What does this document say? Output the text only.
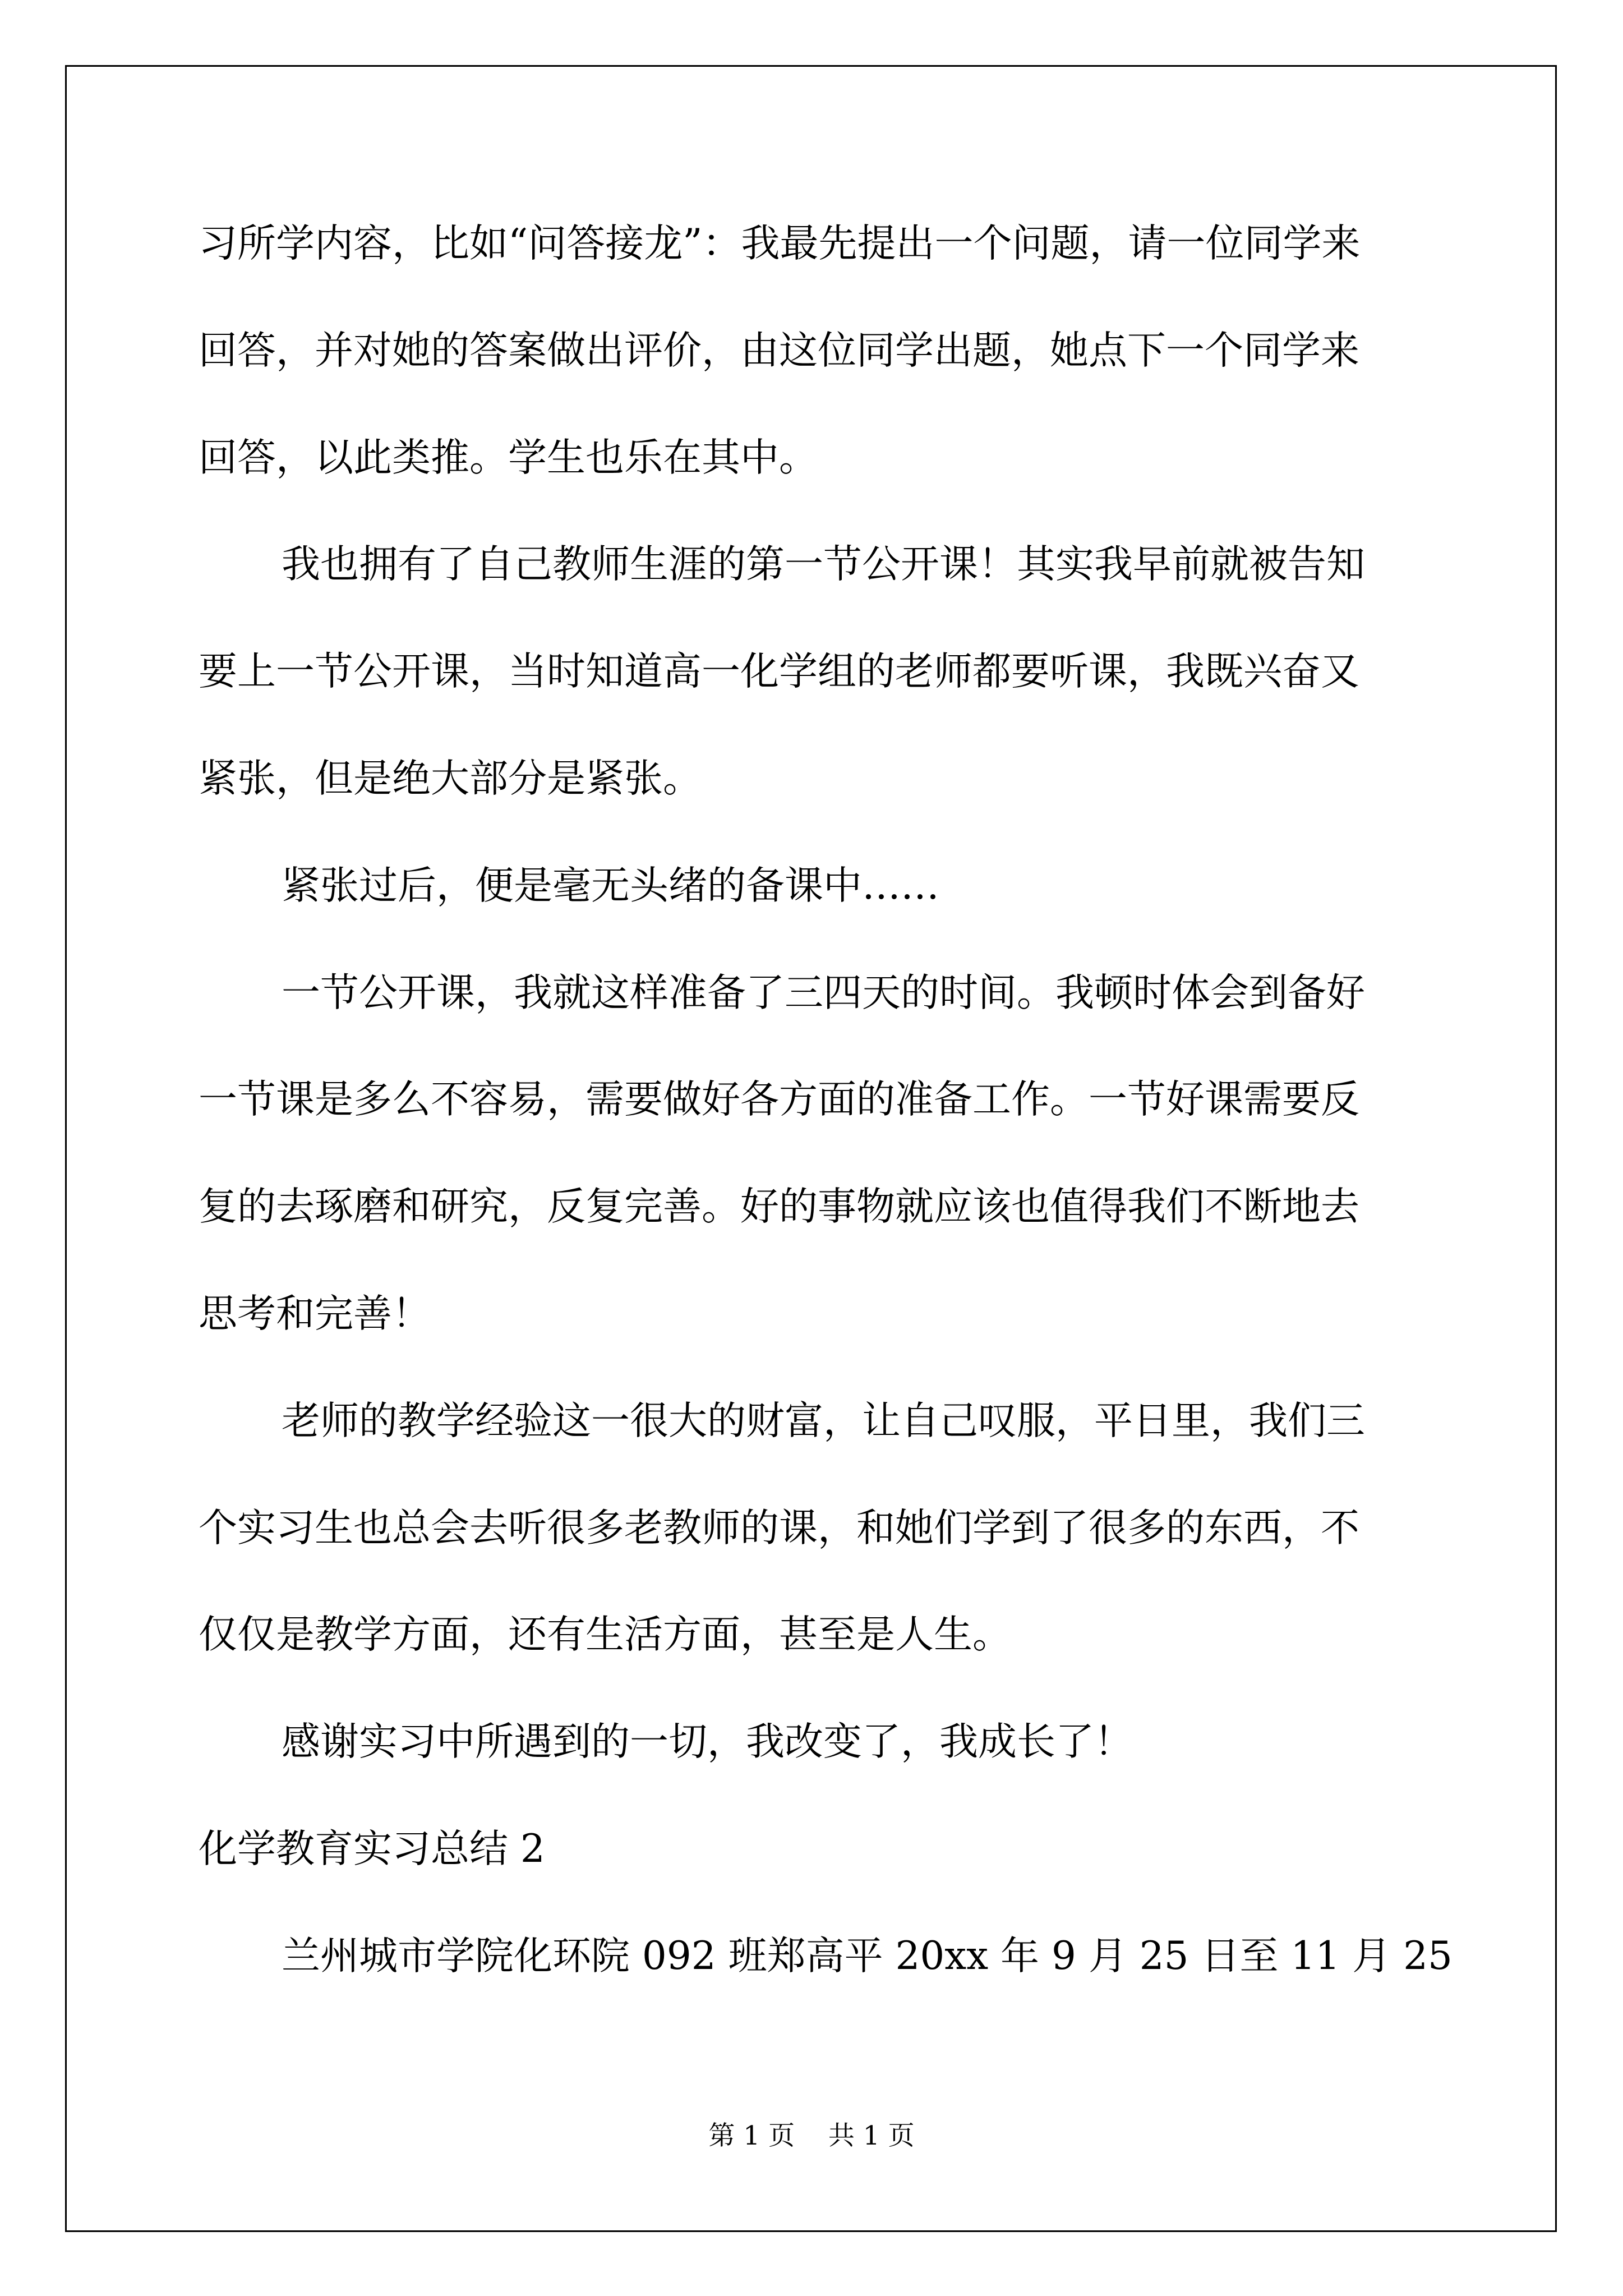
习所学内容，比如“问答接龙”：我最先提出一个问题，请一位同学来
回答，并对她的答案做出评价，由这位同学出题，她点下一个同学来
回答，以此类推。学生也乐在其中。
我也拥有了自己教师生涯的第一节公开课！其实我早前就被告知
要上一节公开课，当时知道高一化学组的老师都要听课，我既兴奋又
紧张，但是绝大部分是紧张。
紧张过后，便是毫无头绪的备课中……
一节公开课，我就这样准备了三四天的时间。我顿时体会到备好
一节课是多么不容易，需要做好各方面的准备工作。一节好课需要反
复的去琢磨和研究，反复完善。好的事物就应该也值得我们不断地去
思考和完善！
老师的教学经验这一很大的财富，让自己叹服，平日里，我们三
个实习生也总会去听很多老教师的课，和她们学到了很多的东西，不
仅仅是教学方面，还有生活方面，甚至是人生。
感谢实习中所遇到的一切，我改变了，我成长了！
化学教育实习总结 2
兰州城市学院化环院 092 班郑高平 20xx 年 9 月 25 日至 11 月 25
第 1 页    共 1 页
